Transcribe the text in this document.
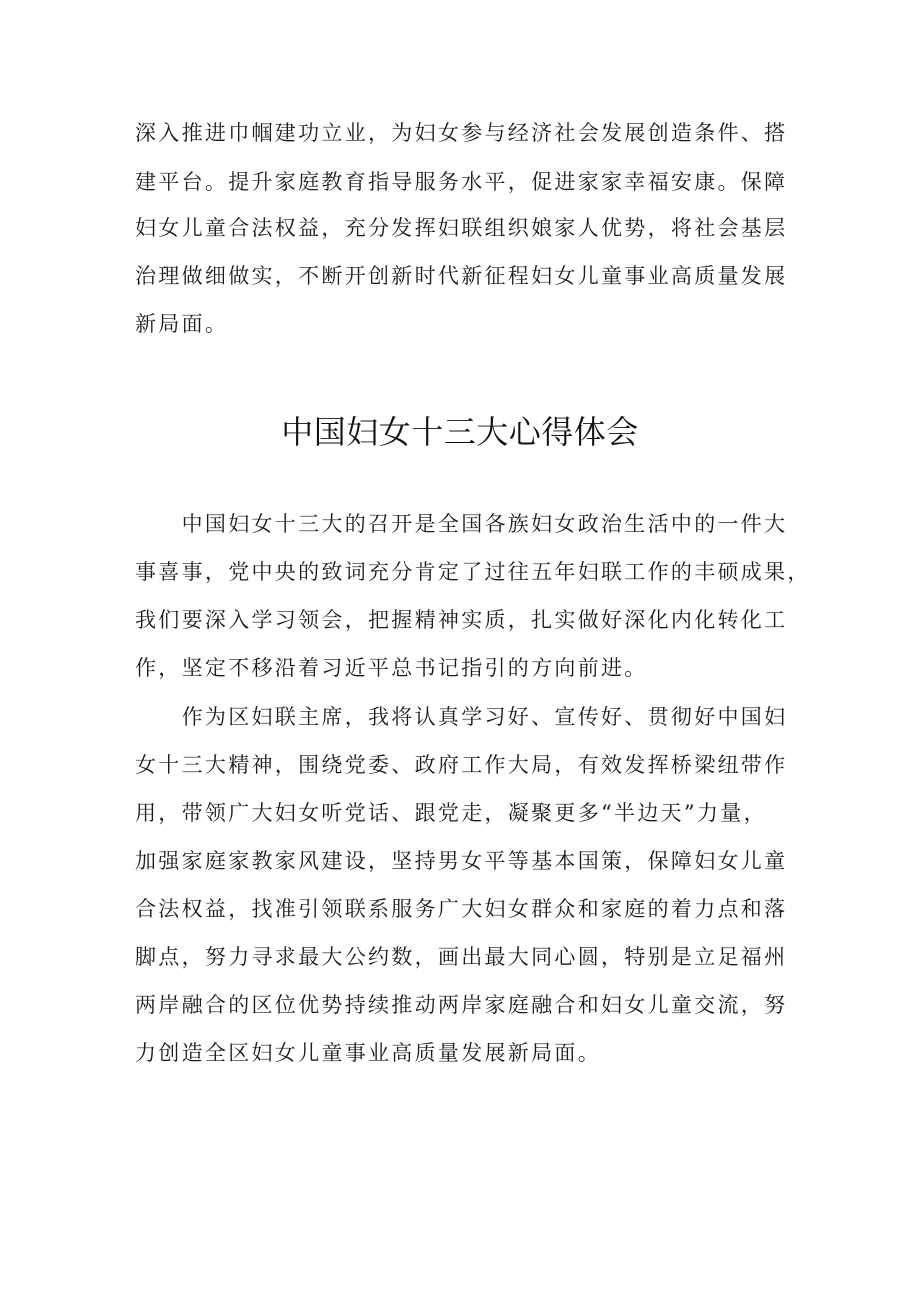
深入推进巾帼建功立业，为妇女参与经济社会发展创造条件、搭
建平台。提升家庭教育指导服务水平，促进家家幸福安康。保障
妇女儿童合法权益，充分发挥妇联组织娘家人优势，将社会基层
治理做细做实，不断开创新时代新征程妇女儿童事业高质量发展
新局面。
中国妇女十三大心得体会
　　中国妇女十三大的召开是全国各族妇女政治生活中的一件大
事喜事，党中央的致词充分肯定了过往五年妇联工作的丰硕成果，
我们要深入学习领会，把握精神实质，扎实做好深化内化转化工
作，坚定不移沿着习近平总书记指引的方向前进。
　　作为区妇联主席，我将认真学习好、宣传好、贯彻好中国妇
女十三大精神，围绕党委、政府工作大局，有效发挥桥梁纽带作
用，带领广大妇女听党话、跟党走，凝聚更多“半边天”力量，
加强家庭家教家风建设，坚持男女平等基本国策，保障妇女儿童
合法权益，找准引领联系服务广大妇女群众和家庭的着力点和落
脚点，努力寻求最大公约数，画出最大同心圆，特别是立足福州
两岸融合的区位优势持续推动两岸家庭融合和妇女儿童交流，努
力创造全区妇女儿童事业高质量发展新局面。
